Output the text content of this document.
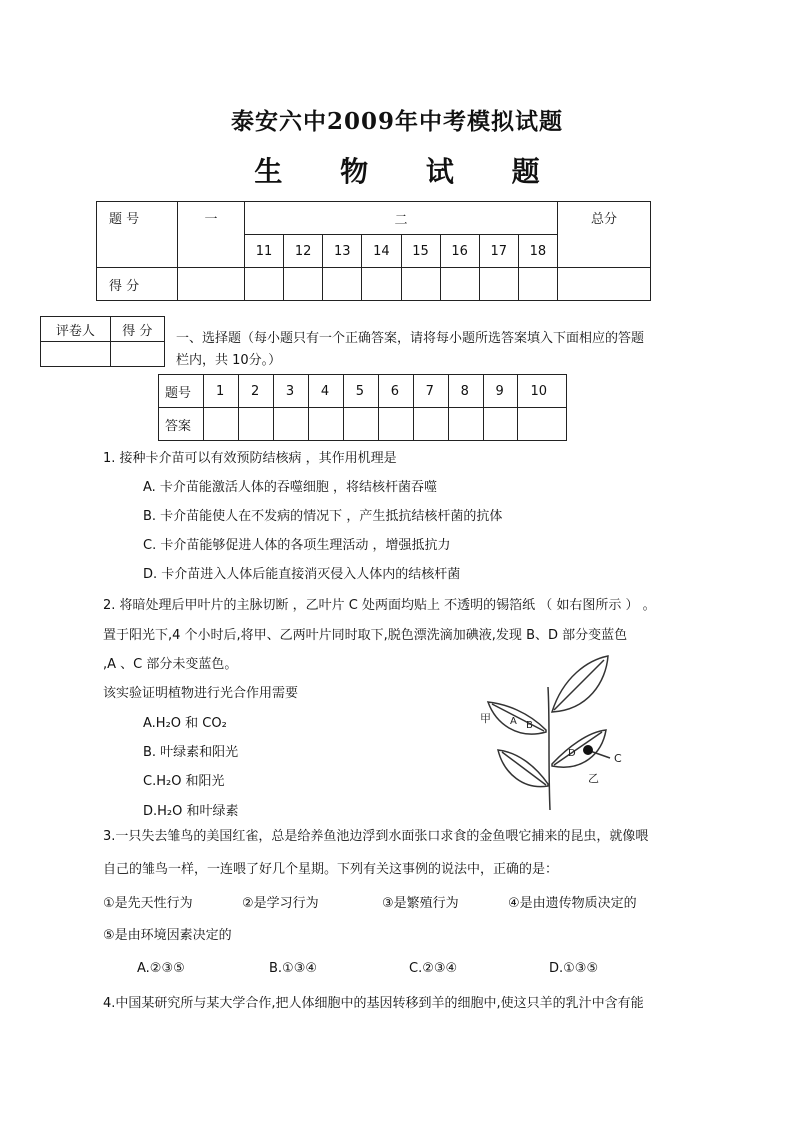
泰安六中2009年中考模拟试题
生 物 试 题
题 号	一	二								总分
		11	12	13	14	15	16	17	18	
得 分										
评卷人	得 分
	一、选择题（每小题只有一个正确答案，请将每小题所选答案填入下面相应的答题
栏内，共 10分。）
题号	1	2	3	4	5	6	7	8	9	10
答案										
1. 接种卡介苗可以有效预防结核病 ，其作用机理是
A. 卡介苗能激活人体的吞噬细胞 ，将结核杆菌吞噬
B. 卡介苗能使人在不发病的情况下 ，产生抵抗结核杆菌的抗体
C. 卡介苗能够促进人体的各项生理活动 ，增强抵抗力
D. 卡介苗进入人体后能直接消灭侵入人体内的结核杆菌
2. 将暗处理后甲叶片的主脉切断 ，乙叶片 C 处两面均贴上 不透明的锡箔纸 （ 如右图所示 ） 。
置于阳光下,4 个小时后,将甲、乙两叶片同时取下,脱色漂洗滴加碘液,发现 B、D 部分变蓝色
,A 、C 部分未变蓝色。
该实验证明植物进行光合作用需要
A.H₂O 和 CO₂
B. 叶绿素和阳光
C.H₂O 和阳光
D.H₂O 和叶绿素
甲 A B
C
D
乙
3.一只失去雏鸟的美国红雀，总是给养鱼池边浮到水面张口求食的金鱼喂它捕来的昆虫，就像喂
自己的雏鸟一样，一连喂了好几个星期。下列有关这事例的说法中，正确的是：
①是先天性行为	②是学习行为	③是繁殖行为	④是由遗传物质决定的
⑤是由环境因素决定的
A.②③⑤	B.①③④	C.②③④	D.①③⑤
4.中国某研究所与某大学合作,把人体细胞中的基因转移到羊的细胞中,使这只羊的乳汁中含有能
